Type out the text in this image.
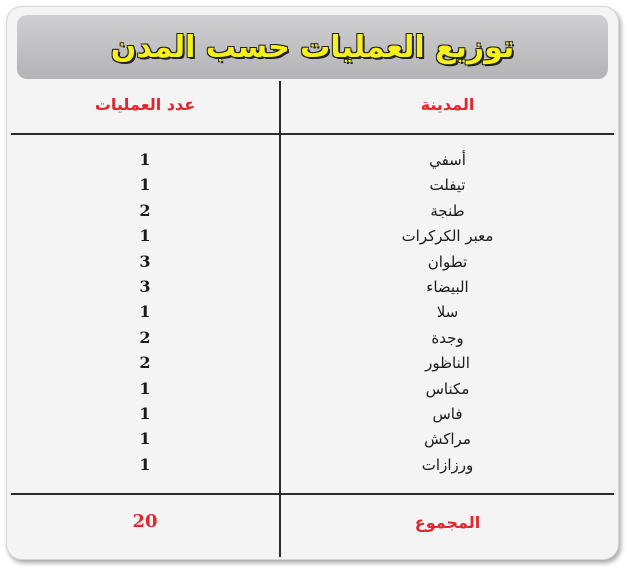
توزيع العمليات حسب المدن
المدينة
عدد العمليات
أسفي
1
تيفلت
1
طنجة
2
معبر الكركرات
1
تطوان
3
البيضاء
3
سلا
1
وجدة
2
الناظور
2
مكناس
1
فاس
1
مراكش
1
ورزازات
1
المجموع
20
